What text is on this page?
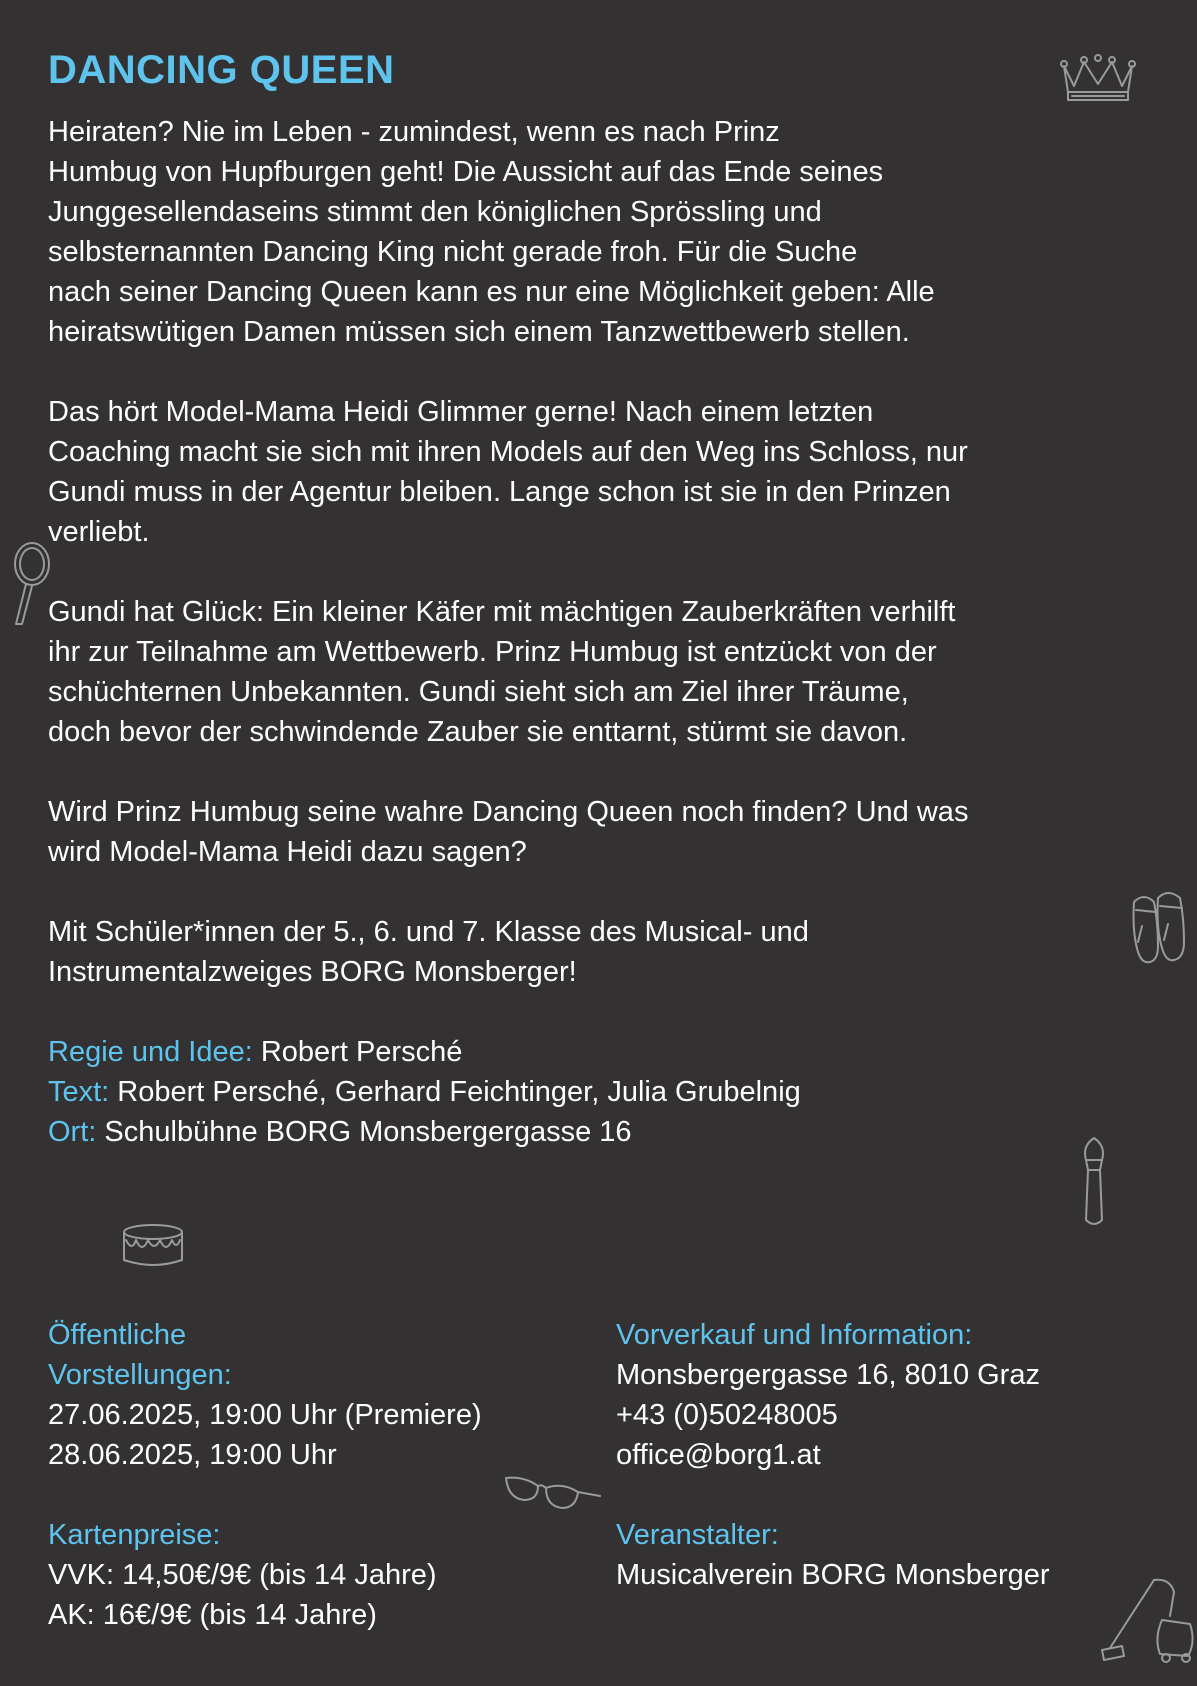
DANCING QUEEN

Heiraten? Nie im Leben - zumindest, wenn es nach Prinz
Humbug von Hupfburgen geht! Die Aussicht auf das Ende seines
Junggesellendaseins stimmt den königlichen Sprössling und
selbsternannten Dancing King nicht gerade froh. Für die Suche
nach seiner Dancing Queen kann es nur eine Möglichkeit geben: Alle
heiratswütigen Damen müssen sich einem Tanzwettbewerb stellen.

Das hört Model-Mama Heidi Glimmer gerne! Nach einem letzten
Coaching macht sie sich mit ihren Models auf den Weg ins Schloss, nur
Gundi muss in der Agentur bleiben. Lange schon ist sie in den Prinzen
verliebt.

Gundi hat Glück: Ein kleiner Käfer mit mächtigen Zauberkräften verhilft
ihr zur Teilnahme am Wettbewerb. Prinz Humbug ist entzückt von der
schüchternen Unbekannten. Gundi sieht sich am Ziel ihrer Träume,
doch bevor der schwindende Zauber sie enttarnt, stürmt sie davon.

Wird Prinz Humbug seine wahre Dancing Queen noch finden? Und was
wird Model-Mama Heidi dazu sagen?

Mit Schüler*innen der 5., 6. und 7. Klasse des Musical- und
Instrumentalzweiges BORG Monsberger!

Regie und Idee: Robert Persché
Text: Robert Persché, Gerhard Feichtinger, Julia Grubelnig
Ort: Schulbühne BORG Monsbergergasse 16
Öffentliche
Vorstellungen:
27.06.2025, 19:00 Uhr (Premiere)
28.06.2025, 19:00 Uhr
Kartenpreise:
VVK: 14,50€/9€ (bis 14 Jahre)
AK: 16€/9€ (bis 14 Jahre)
Vorverkauf und Information:
Monsbergergasse 16, 8010 Graz
+43 (0)50248005
office@borg1.at
Veranstalter:
Musicalverein BORG Monsberger
